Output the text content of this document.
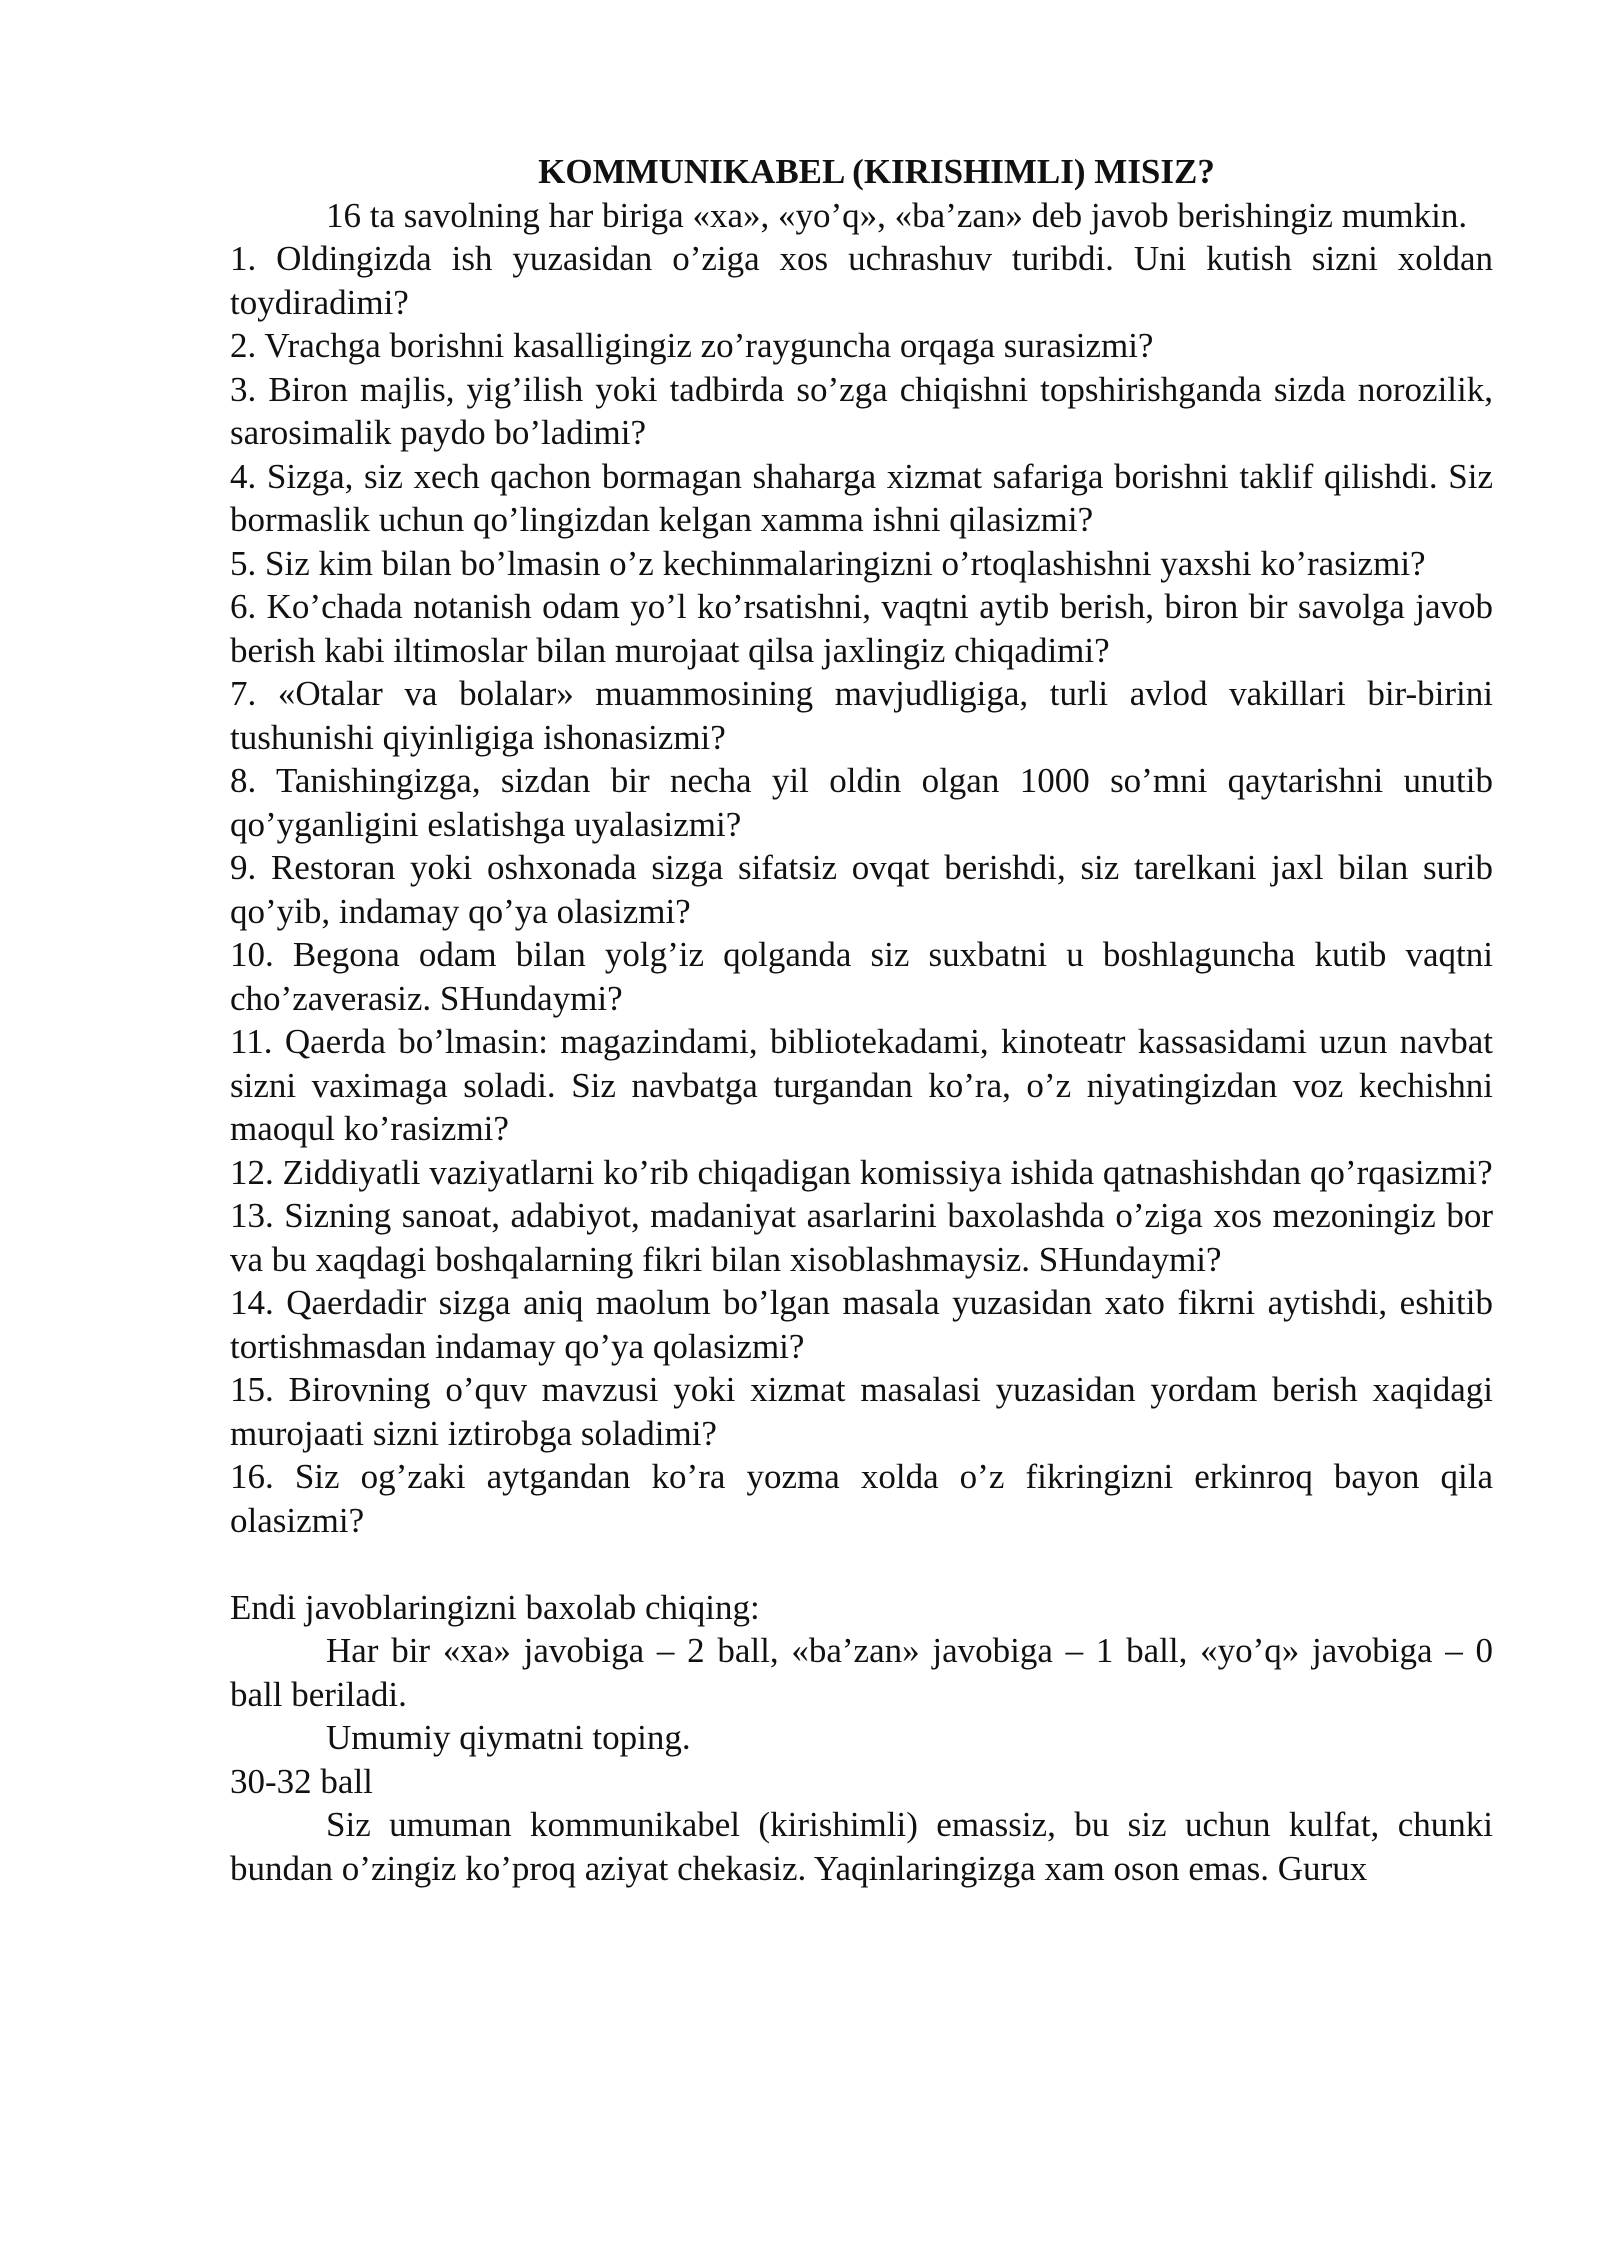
KOMMUNIKABEL (KIRISHIMLI) MISIZ?

16 ta savolning har biriga «xa», «yo’q», «ba’zan» deb javob berishingiz mumkin.

1. Oldingizda ish yuzasidan o’ziga xos uchrashuv turibdi. Uni kutish sizni xoldan toydiradimi?

2. Vrachga borishni kasalligingiz zo’rayguncha orqaga surasizmi?

3. Biron majlis, yig’ilish yoki tadbirda so’zga chiqishni topshirishganda sizda norozilik, sarosimalik paydo bo’ladimi?

4. Sizga, siz xech qachon bormagan shaharga xizmat safariga borishni taklif qilishdi. Siz bormaslik uchun qo’lingizdan kelgan xamma ishni qilasizmi?

5. Siz kim bilan bo’lmasin o’z kechinmalaringizni o’rtoqlashishni yaxshi ko’rasizmi?

6. Ko’chada notanish odam yo’l ko’rsatishni, vaqtni aytib berish, biron bir savolga javob berish kabi iltimoslar bilan murojaat qilsa jaxlingiz chiqadimi?

7. «Otalar va bolalar» muammosining mavjudligiga, turli avlod vakillari bir-birini tushunishi qiyinligiga ishonasizmi?

8. Tanishingizga, sizdan bir necha yil oldin olgan 1000 so’mni qaytarishni unutib qo’yganligini eslatishga uyalasizmi?

9. Restoran yoki oshxonada sizga sifatsiz ovqat berishdi, siz tarelkani jaxl bilan surib qo’yib, indamay qo’ya olasizmi?

10. Begona odam bilan yolg’iz qolganda siz suxbatni u boshlaguncha kutib vaqtni cho’zaverasiz. SHundaymi?

11. Qaerda bo’lmasin: magazindami, bibliotekadami, kinoteatr kassasidami uzun navbat sizni vaximaga soladi. Siz navbatga turgandan ko’ra, o’z niyatingizdan voz kechishni maoqul ko’rasizmi?

12. Ziddiyatli vaziyatlarni ko’rib chiqadigan komissiya ishida qatnashishdan qo’rqasizmi?

13. Sizning sanoat, adabiyot, madaniyat asarlarini baxolashda o’ziga xos mezoningiz bor va bu xaqdagi boshqalarning fikri bilan xisoblashmaysiz. SHundaymi?

14. Qaerdadir sizga aniq maolum bo’lgan masala yuzasidan xato fikrni aytishdi, eshitib tortishmasdan indamay qo’ya qolasizmi?

15. Birovning o’quv mavzusi yoki xizmat masalasi yuzasidan yordam berish xaqidagi murojaati sizni iztirobga soladimi?

16. Siz og’zaki aytgandan ko’ra yozma xolda o’z fikringizni erkinroq bayon qila olasizmi?

Endi javoblaringizni baxolab chiqing:

Har bir «xa» javobiga – 2 ball, «ba’zan» javobiga – 1 ball, «yo’q» javobiga – 0 ball beriladi.

Umumiy qiymatni toping.

30-32 ball

Siz umuman kommunikabel (kirishimli) emassiz, bu siz uchun kulfat, chunki bundan o’zingiz ko’proq aziyat chekasiz. Yaqinlaringizga xam oson emas. Gurux
